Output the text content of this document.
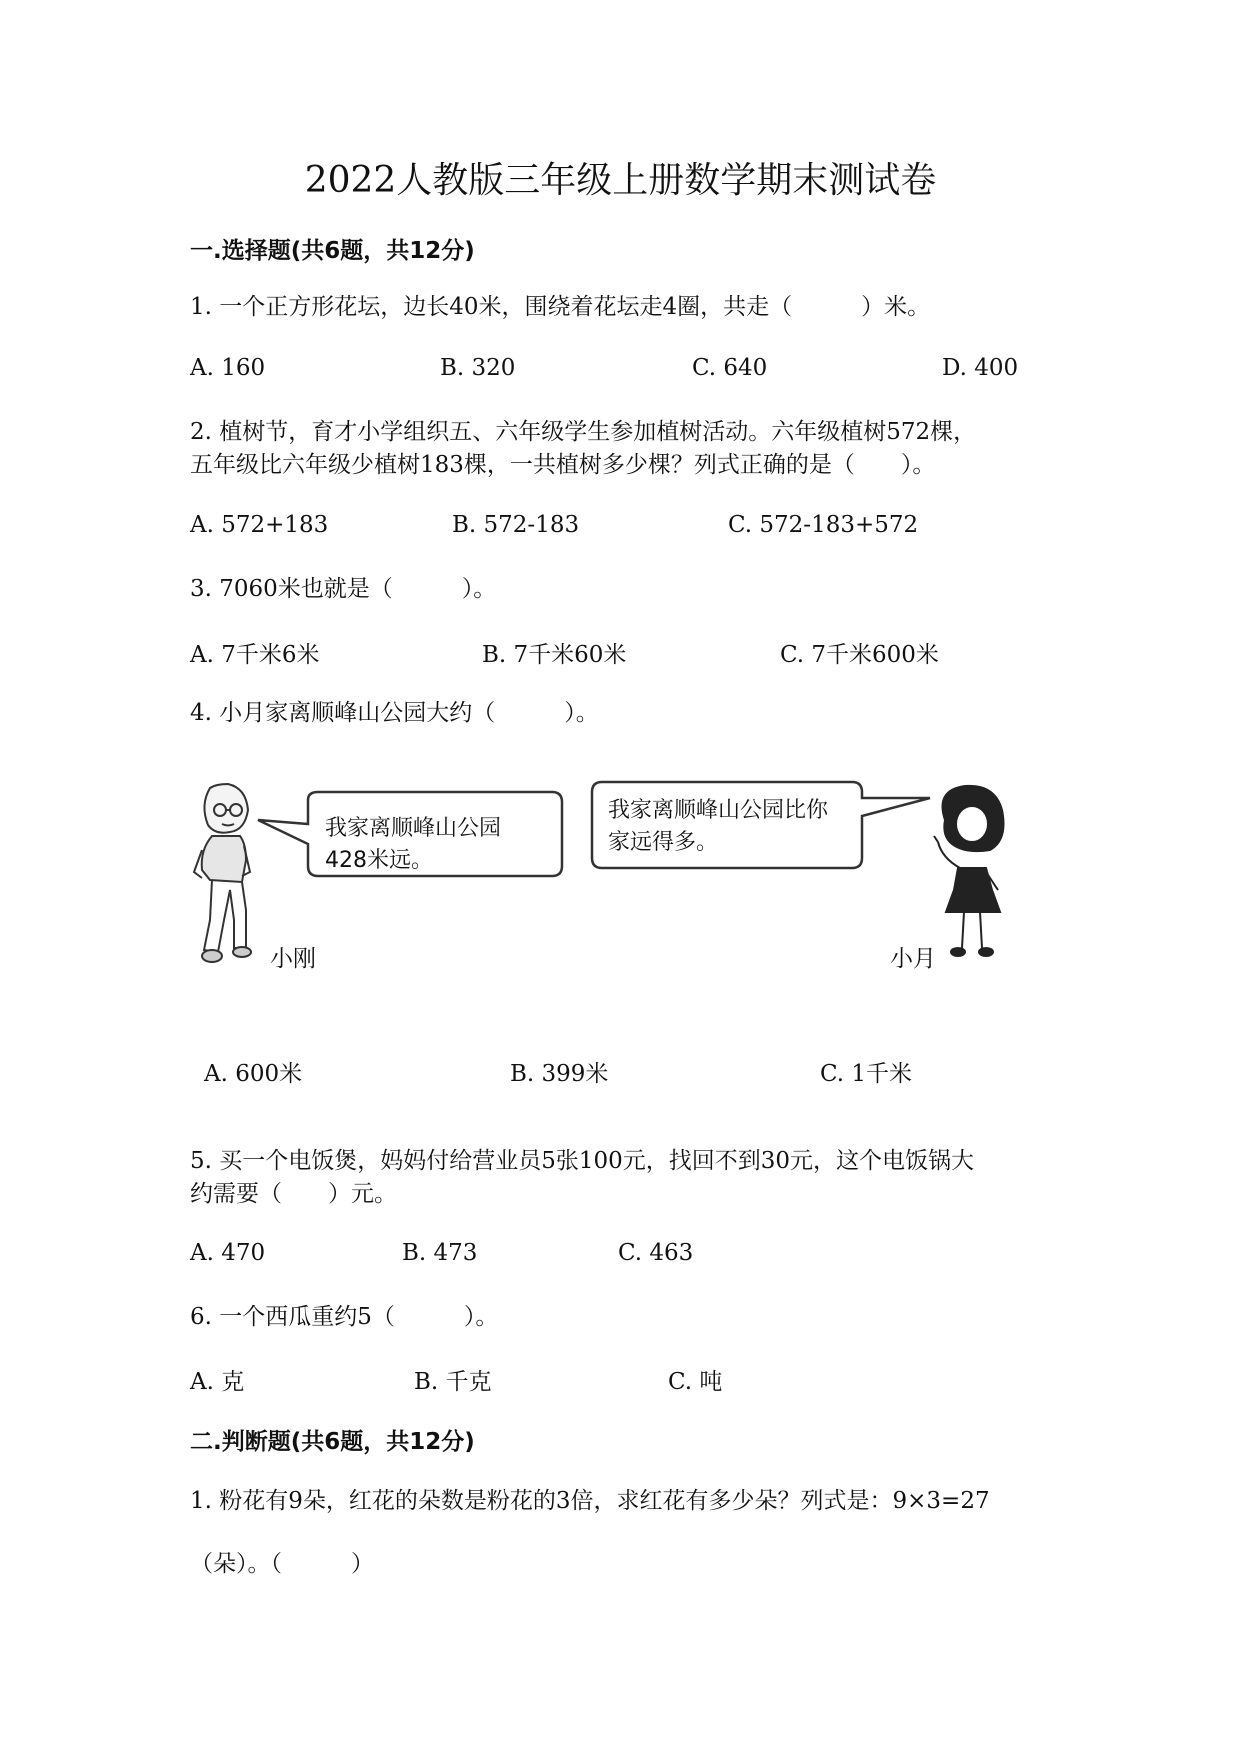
2022人教版三年级上册数学期末测试卷
一.选择题(共6题，共12分)
1. 一个正方形花坛，边长40米，围绕着花坛走4圈，共走（　　　）米。
A. 160	B. 320	C. 640	D. 400
2. 植树节，育才小学组织五、六年级学生参加植树活动。六年级植树572棵，
五年级比六年级少植树183棵，一共植树多少棵？列式正确的是（　　）。
A. 572+183	B. 572-183	C. 572-183+572
3. 7060米也就是（　　　）。
A. 7千米6米	B. 7千米60米	C. 7千米600米
4. 小月家离顺峰山公园大约（　　　）。
我家离顺峰山公园
428米远。
我家离顺峰山公园比你
家远得多。
小刚	小月
A. 600米	B. 399米	C. 1千米
5. 买一个电饭煲，妈妈付给营业员5张100元，找回不到30元，这个电饭锅大
约需要（　　）元。
A. 470	B. 473	C. 463
6. 一个西瓜重约5（　　　）。
A. 克	B. 千克	C. 吨
二.判断题(共6题，共12分)
1. 粉花有9朵，红花的朵数是粉花的3倍，求红花有多少朵？列式是：9×3=27
（朵）。（　　　）
